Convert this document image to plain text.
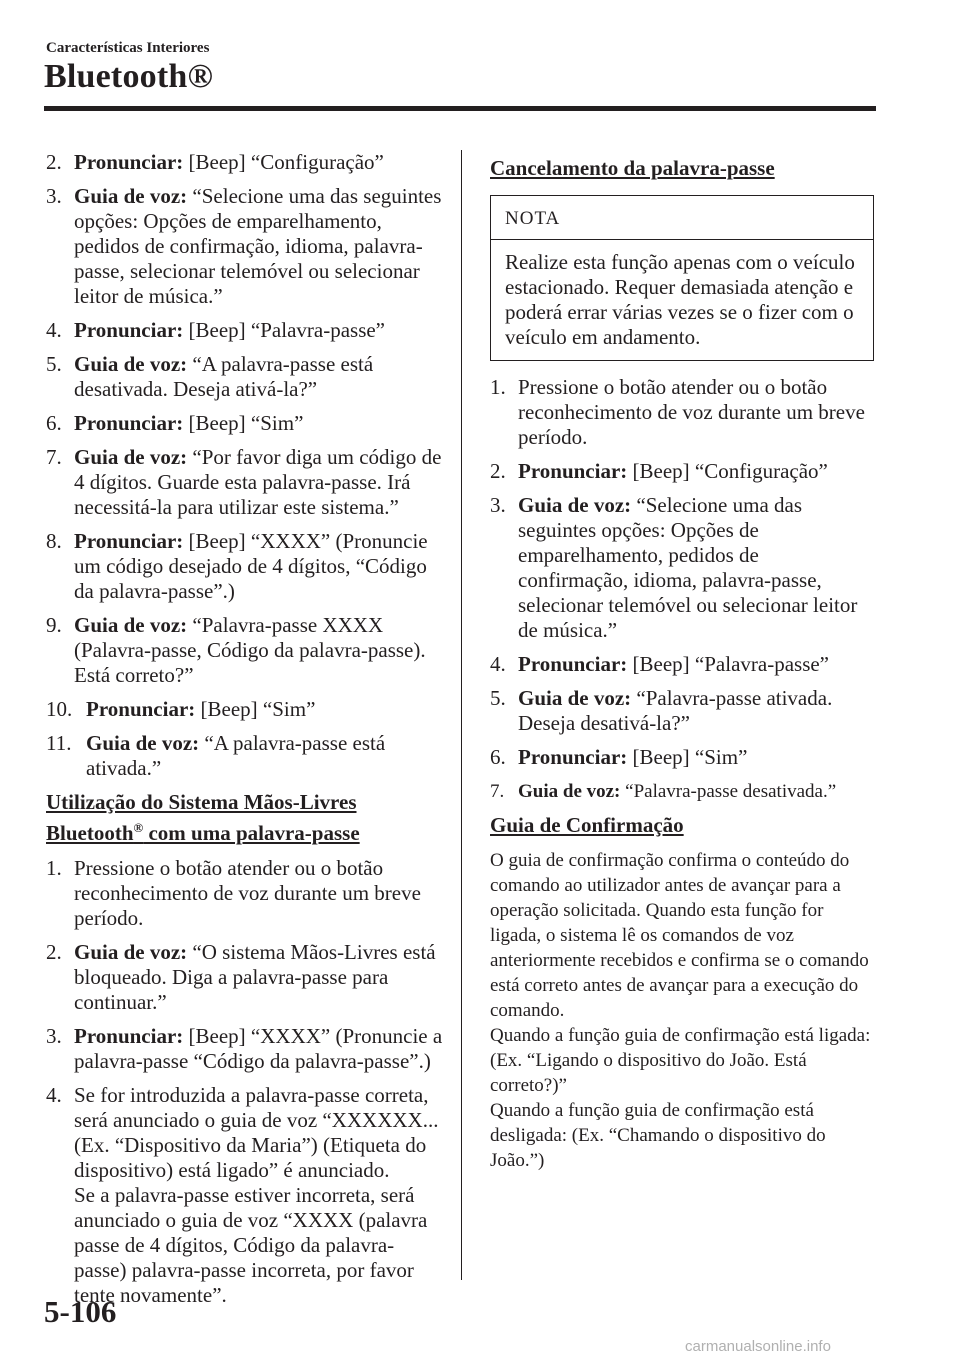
Características Interiores
Bluetooth®
2. Pronunciar: [Beep] “Configuração”
3. Guia de voz: “Selecione uma das seguintes opções: Opções de emparelhamento, pedidos de confirmação, idioma, palavra-passe, selecionar telemóvel ou selecionar leitor de música.”
4. Pronunciar: [Beep] “Palavra-passe”
5. Guia de voz: “A palavra-passe está desativada. Deseja ativá-la?”
6. Pronunciar: [Beep] “Sim”
7. Guia de voz: “Por favor diga um código de 4 dígitos. Guarde esta palavra-passe. Irá necessitá-la para utilizar este sistema.”
8. Pronunciar: [Beep] “XXXX” (Pronuncie um código desejado de 4 dígitos, “Código da palavra-passe”.)
9. Guia de voz: “Palavra-passe XXXX (Palavra-passe, Código da palavra-passe). Está correto?”
10. Pronunciar: [Beep] “Sim”
11. Guia de voz: “A palavra-passe está ativada.”
Utilização do Sistema Mãos-Livres Bluetooth® com uma palavra-passe
1. Pressione o botão atender ou o botão reconhecimento de voz durante um breve período.
2. Guia de voz: “O sistema Mãos-Livres está bloqueado. Diga a palavra-passe para continuar.”
3. Pronunciar: [Beep] “XXXX” (Pronuncie a palavra-passe “Código da palavra-passe”.)
4. Se for introduzida a palavra-passe correta, será anunciado o guia de voz “XXXXXX... (Ex. “Dispositivo da Maria”) (Etiqueta do dispositivo) está ligado” é anunciado.
Se a palavra-passe estiver incorreta, será anunciado o guia de voz “XXXX (palavra passe de 4 dígitos, Código da palavra-passe) palavra-passe incorreta, por favor tente novamente”.
Cancelamento da palavra-passe
NOTA
Realize esta função apenas com o veículo estacionado. Requer demasiada atenção e poderá errar várias vezes se o fizer com o veículo em andamento.
1. Pressione o botão atender ou o botão reconhecimento de voz durante um breve período.
2. Pronunciar: [Beep] “Configuração”
3. Guia de voz: “Selecione uma das seguintes opções: Opções de emparelhamento, pedidos de confirmação, idioma, palavra-passe, selecionar telemóvel ou selecionar leitor de música.”
4. Pronunciar: [Beep] “Palavra-passe”
5. Guia de voz: “Palavra-passe ativada. Deseja desativá-la?”
6. Pronunciar: [Beep] “Sim”
7. Guia de voz: “Palavra-passe desativada.”
Guia de Confirmação

O guia de confirmação confirma o conteúdo do comando ao utilizador antes de avançar para a operação solicitada. Quando esta função for ligada, o sistema lê os comandos de voz anteriormente recebidos e confirma se o comando está correto antes de avançar para a execução do comando.

Quando a função guia de confirmação está ligada: (Ex. “Ligando o dispositivo do João. Está correto?)”

Quando a função guia de confirmação está desligada: (Ex. “Chamando o dispositivo do João.”)

5-106
carmanualsonline.info
